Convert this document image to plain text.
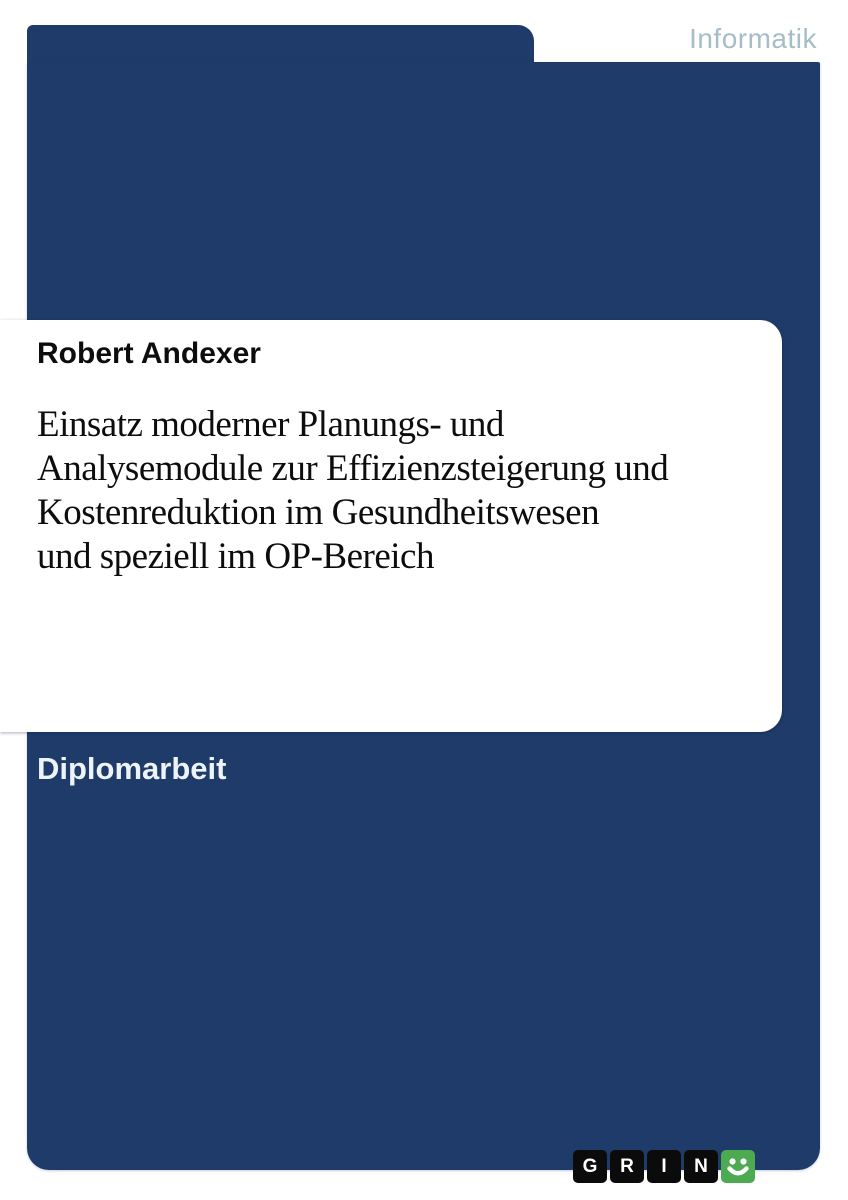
Informatik
Robert Andexer
Einsatz moderner Planungs- und
Analysemodule zur Effizienzsteigerung und
Kostenreduktion im Gesundheitswesen
und speziell im OP-Bereich
Diplomarbeit
G	R	I	N
